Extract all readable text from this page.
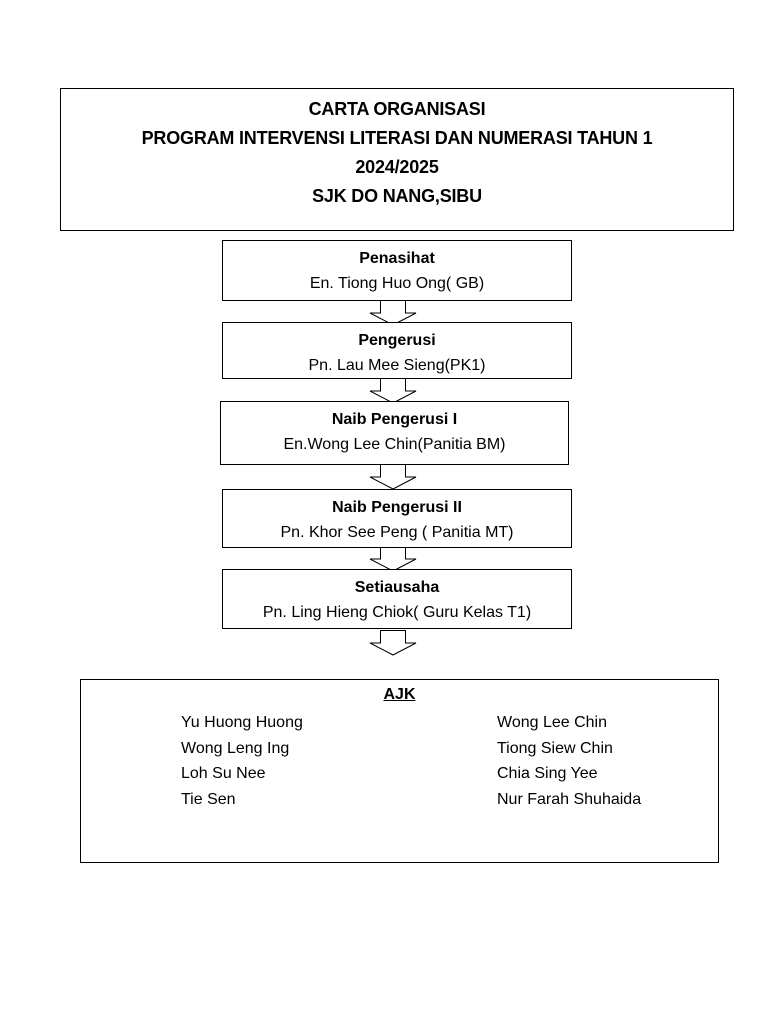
CARTA ORGANISASI
PROGRAM INTERVENSI LITERASI DAN NUMERASI TAHUN 1
2024/2025
SJK DO NANG,SIBU
Penasihat
En. Tiong Huo Ong( GB)
Pengerusi
Pn. Lau Mee Sieng(PK1)
Naib Pengerusi I
En.Wong Lee Chin(Panitia BM)
Naib Pengerusi II
Pn. Khor See Peng ( Panitia MT)
Setiausaha
Pn. Ling Hieng Chiok( Guru Kelas T1)
AJK
Yu Huong Huong
Wong Leng Ing
Loh Su Nee
Tie Sen
Wong Lee Chin
Tiong Siew Chin
Chia Sing Yee
Nur Farah Shuhaida
